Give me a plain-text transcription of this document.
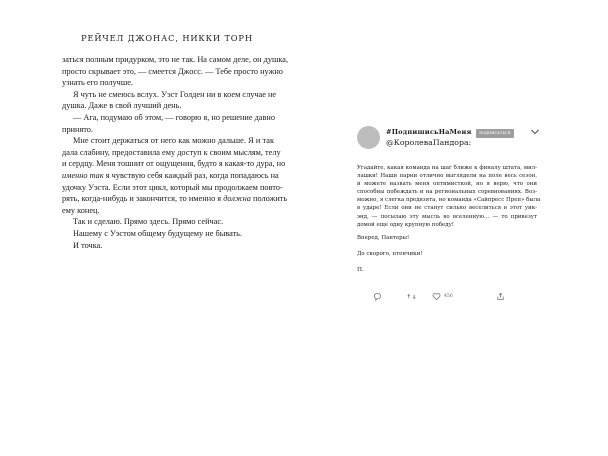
РЕЙЧЕЛ ДЖОНАС, НИККИ ТОРН
заться полным придурком, это не так. На самом деле, он душка,
просто скрывает это, — смеется Джосс. — Тебе просто нужно
узнать его получше.
Я чуть не смеюсь вслух. Уэст Голден ни в коем случае не
душка. Даже в свой лучший день.
— Ага, подумаю об этом, — говорю я, но решение давно
принято.
Мне стоит держаться от него как можно дальше. Я и так
дала слабину, предоставила ему доступ к своим мыслям, телу
и сердцу. Меня тошнит от ощущения, будто я какая-то дура, но
именно так я чувствую себя каждый раз, когда попадаюсь на
удочку Уэста. Если этот цикл, который мы продолжаем повто-
рять, когда-нибудь и закончится, то именно я должна положить
ему конец.
Так и сделаю. Прямо здесь. Прямо сейчас.
Нашему с Уэстом общему будущему не бывать.
И точка.
#ПодпишисьНаМеня
@КоролеваПандора:
подписаться
Угадайте, какая команда на шаг ближе к финалу штата, мил-
лашки! Наши парни отлично выглядели на поле весь сезон,
и можете назвать меня оптимисткой, но я верю, что они
способны побеждать и на региональных соревнованиях. Воз-
можно, я слегка предвзята, но команда «Сайпресс Преп» была
в ударе! Если они не станут сильно веселиться в этот уик-
энд, — посылаю эту мысль во вселенную… — то привезут
домой еще одну крупную победу!
Вперед, Пантеры!
До скорого, птенчики!
П.
456
